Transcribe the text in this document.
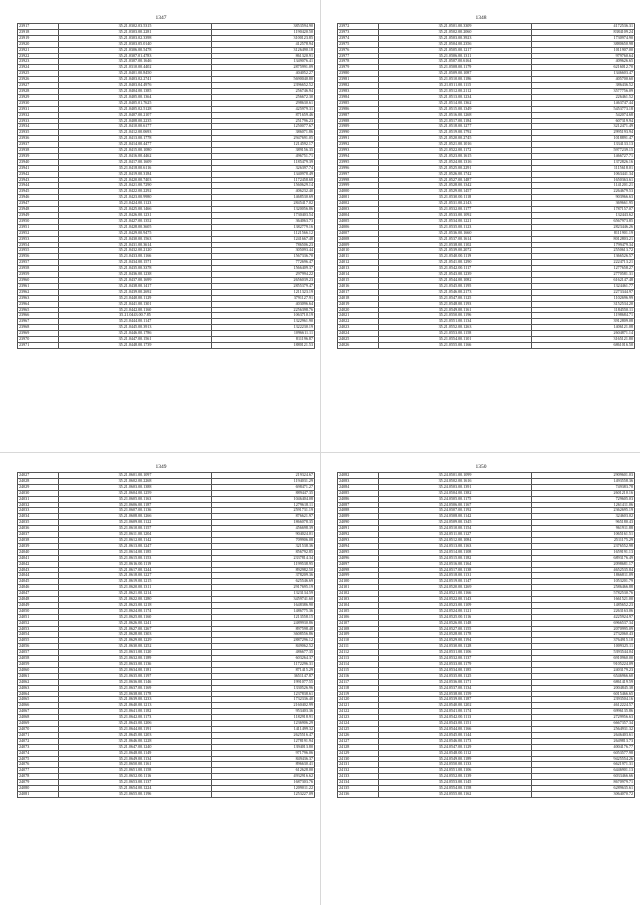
1347
23917	35.21.0302.03.5315	3853594.90
23918	35.21.0303.00.2281	1190420.50
23919	35.21.0303.02.3398	3100123.85
23920	35.21.0303.05.0140	412578.94
23921	35.21.0306.00.5478	3126490.18
23922	35.21.0307.01.4783	861320.91
23923	35.21.0307.00.1646	1349076.41
23924	35.21.0310.00.4402	2875991.09
23925	35.21.0401.00.8450	404052.27
23926	35.21.0403.02.2741	5690040.80
23927	35.21.0403.04.4976	2396652.52
23928	35.21.0404.00.1385	256746.94
23929	35.21.0405.00.1364	256672.30
23930	35.21.0405.01.7625	298630.61
23931	35.21.0405.02.5128	425979.31
23932	35.21.0407.00.2107	871659.46
23933	35.21.0408.00.2235	251796.23
23934	35.21.0410.00.6177	1250077.67
23935	35.21.0412.00.0693	386071.86
23936	35.21.0413.00.1778	2947691.05
23937	35.21.0414.00.4477	1214592.17
23938	35.21.0415.00.1080	389156.35
23939	35.21.0416.00.4462	496751.71
23940	35.21.0417.00.1609	1185479.39
23941	35.21.0418.00.6116	326397.74
23942	35.21.0419.00.3184	1340978.49
23943	35.21.0420.00.7403	1172458.68
23944	35.21.0421.00.7290	1560629.14
23945	35.21.0422.00.2292	406232.40
23946	35.21.0423.00.9980	1468530.69
23947	35.21.0424.00.1123	2845417.02
23948	35.21.0425.00.1466	1320056.86
23949	35.21.0426.00.1231	1730403.54
23950	35.21.0427.00.1352	364063.73
23951	35.21.0428.00.3605	1382779.16
23952	35.21.0429.00.9475	1121566.12
23953	35.21.0430.00.1563	1241667.48
23954	35.21.0431.00.3614	786506.23
23955	35.21.0432.00.2120	305093.44
23956	35.21.0433.00.1166	1567336.70
23957	35.21.0434.00.1571	772696.47
23958	35.21.0435.00.3378	1566409.37
23959	35.21.0436.00.1238	297994.22
23960	35.21.0437.00.1699	2656039.23
23961	35.21.0438.00.1417	2855379.47
23962	35.21.0439.00.2692	1211323.19
23963	35.21.0440.00.1129	3791127.91
23964	35.21.0441.00.1301	403096.64
23965	35.21.0442.00.1160	2256398.76
23966	35.21.0443.00.7.85	1063710.19
23967	35.21.0444.00.1147	1322961.90
23968	35.21.0445.00.3913	1322230.19
23969	35.21.0446.00.1786	1096611.11
23970	35.21.0447.00.1561	811196.87
23971	35.21.0448.00.1739	1880121.53
1348
23972	35.21.0501.00.3309	4172536.31
23973	35.21.0502.00.2060	8384109.24
23974	35.21.0503.00.3923	1730974.90
23975	35.21.0504.00.2356	3880650.98
23976	35.21.0505.00.1217	1011907.00
23977	35.21.0506.00.1311	979760.64
23978	35.21.0507.00.6164	409626.65
23979	35.21.0508.00.1179	6216012.70
23980	35.21.0509.00.1087	1346603.47
23981	35.21.0510.00.1186	405700.60
23982	35.21.0511.00.1115	386436.52
23983	35.21.0512.00.2112	3577756.09
23984	35.21.0513.00.1234	226461.52
23985	35.21.0514.00.1362	1463747.44
23986	35.21.0515.00.1349	5453773.18
23987	35.21.0516.00.1268	542074.68
23988	35.21.0517.00.1184	607319.94
23989	35.21.0518.00.1277	3212471.49
23990	35.21.0519.00.1792	2995193.94
23991	35.21.0520.00.2745	1018891.47
23992	35.21.0521.00.1016	1334133.13
23993	35.21.0522.00.1172	5977239.15
23994	35.21.0523.00.1615	1466727.71
23995	35.21.0524.00.1316	1372826.16
23996	35.21.0525.00.2291	1115618.01
23997	35.21.0526.00.1742	1063441.34
23998	35.21.0527.00.1487	1650363.61
23999	35.21.0528.00.1342	1141201.21
24000	35.21.0529.00.1457	2264679.53
24001	35.21.0530.00.1118	903966.63
24002	35.21.0531.00.2143	369661.95
24003	35.21.0532.00.1177	1787157.07
24004	35.21.0533.00.1092	132443.62
24005	35.21.0534.00.1221	6567973.85
24006	35.21.0535.00.1123	2823446.26
24007	35.21.0536.00.1660	8111901.19
24008	35.21.0537.00.1614	8012803.21
24009	35.21.0538.00.1102	1799479.34
24010	35.21.0539.00.2072	2550613.72
24011	35.21.0540.00.1119	1366526.57
24012	35.21.0541.00.1290	2224713.21
24013	35.21.0542.00.1117	1277658.27
24014	35.21.0543.00.1239	2770581.31
24015	35.21.0544.00.1082	6162147.48
24016	35.21.0545.00.1195	1324461.77
24017	35.21.0546.00.2173	2273344.97
24018	35.21.0547.00.1125	1102696.99
24019	35.21.0548.00.1193	3152534.20
24020	35.21.0549.00.1161	1184550.11
24021	35.21.0550.00.1196	1198684.71
24022	35.21.0551.00.1134	3912809.08
24023	35.21.0552.00.1263	1406121.08
24024	35.21.0553.00.1158	2604871.14
24025	35.21.0554.00.1101	3165121.80
24026	35.21.0555.00.1166	6861016.50
1349
24027	35.21.0601.00.1097	219324.67
24028	35.21.0602.00.2268	1194031.29
24029	35.21.0603.00.1388	698471.27
24030	35.21.0604.00.1259	889447.35
24031	35.21.0605.00.1163	1046404.08
24032	35.21.0606.00.1187	1279618.11
24033	35.21.0607.00.1136	2591731.19
24034	35.21.0608.00.1266	876621.97
24035	35.21.0609.00.1122	1866078.35
24036	35.21.0610.00.1157	456698.39
24037	35.21.0611.00.1204	904024.01
24038	35.21.0612.00.1142	709906.08
24039	35.21.0613.00.1247	321538.36
24040	35.21.0614.00.1185	856792.85
24041	35.21.0615.00.1153	2337814.34
24042	35.21.0616.00.1119	1199538.95
24043	35.21.0617.00.1244	892982.50
24044	35.21.0618.00.1227	378209.36
24045	35.21.0619.00.1215	625546.69
24046	35.21.0620.00.1311	2917695.19
24047	35.21.0621.00.1214	1323134.59
24048	35.21.0622.00.1280	3459741.60
24049	35.21.0623.00.1218	1648386.90
24050	35.21.0624.00.1174	1486775.36
24051	35.21.0625.00.1160	1213558.15
24052	35.21.0626.00.1241	2489930.86
24053	35.21.0627.00.1267	897598.48
24054	35.21.0628.00.1303	3608556.86
24055	35.21.0629.00.1229	2887296.12
24056	35.21.0630.00.1252	849062.52
24057	35.21.0631.00.1120	486677.35
24058	35.21.0632.00.1189	603264.37
24059	35.21.0633.00.1136	1172296.31
24060	35.21.0634.00.1181	871415.29
24061	35.21.0635.00.1197	3651147.87
24062	35.21.0636.00.1146	1991077.55
24063	35.21.0637.00.1169	1330526.96
24064	35.21.0638.00.1178	1237838.61
24065	35.21.0639.00.1233	1732336.40
24066	35.21.0640.00.1213	2160402.99
24067	35.21.0641.00.1182	953403.36
24068	35.21.0642.00.1173	1182918.91
24069	35.21.0643.00.1206	1236906.29
24070	35.21.0644.00.1191	1411499.32
24071	35.21.0645.00.1203	2625516.47
24072	35.21.0646.00.1228	1278191.94
24073	35.21.0647.00.1240	1394013.80
24074	35.21.0648.00.1149	971796.06
24075	35.21.0649.00.1134	849436.37
24076	35.21.0650.00.1161	896630.41
24077	35.21.0651.00.1158	612628.00
24078	35.21.0652.00.1116	4932916.62
24079	35.21.0653.00.1137	1687303.76
24080	35.21.0654.00.1224	1209011.22
24081	35.21.0655.00.1196	1253227.09
1350
24082	35.24.0501.00.1099	2909601.03
24083	35.24.0502.00.1616	1493558.36
24084	35.24.0503.00.1391	749383.78
24085	35.24.0504.00.1382	2601210.16
24086	35.24.0505.00.1175	729605.03
24087	35.24.0506.00.1167	1261411.06
24088	35.24.0507.00.1192	2362695.19
24089	35.24.0508.00.1142	324603.02
24090	35.24.0509.00.1345	965180.43
24091	35.24.0510.00.1154	961911.88
24092	35.24.0511.00.1127	1065161.51
24093	35.24.0512.00.1084	2511175.29
24094	35.24.0513.00.1163	2376552.98
24095	35.24.0514.00.1108	1659191.13
24096	35.24.0515.00.1182	6893176.49
24097	35.24.0516.00.1164	2098681.17
24098	35.24.0517.00.1138	4652535.84
24099	35.24.0518.00.1131	1866811.09
24100	35.24.0519.00.1147	1053201.79
24101	35.24.0520.00.1269	2586466.88
24102	35.24.0521.00.1166	5782530.76
24103	35.24.0522.00.1143	1661521.00
24104	35.24.0523.00.1109	1485652.23
24105	35.24.0524.00.1121	2263163.06
24106	35.24.0525.00.1116	4225924.97
24107	35.24.0526.00.1148	6966537.34
24108	35.24.0527.00.1155	2070995.09
24109	35.24.0528.00.1178	2732060.43
24110	35.24.0529.00.1194	3764915.10
24111	35.24.0530.00.1128	1009325.11
24112	35.24.0531.00.1106	5393544.04
24113	35.24.0532.00.1137	6910960.00
24114	35.24.0533.00.1179	9105224.09
24115	35.24.0534.00.1185	2403179.23
24116	35.24.0535.00.1125	6546966.60
24117	35.24.0536.00.1171	6861419.59
24118	35.24.0537.00.1134	2004845.38
24119	35.24.0538.00.1159	6015466.65
24120	35.24.0539.00.1187	2393504.16
24121	35.24.0540.00.1202	4612224.57
24122	35.24.0541.00.1174	6996135.86
24123	35.24.0542.00.1113	2729956.63
24124	35.24.0543.00.1151	6667357.34
24125	35.24.0544.00.1166	2564931.32
24126	35.24.0545.00.1144	2646403.61
24127	35.24.0546.00.1173	2649813.73
24128	35.24.0547.00.1129	4004176.77
24129	35.24.0548.00.1112	6053577.98
24130	35.24.0549.00.1189	9425554.26
24131	35.24.0550.00.1133	6621971.31
24132	35.24.0551.00.1106	6446901.13
24133	35.24.0552.00.1139	6033466.66
24134	35.24.0553.00.1145	8670979.71
24135	35.24.0554.00.1158	6289635.61
24136	35.24.0555.00.1162	3064070.72
